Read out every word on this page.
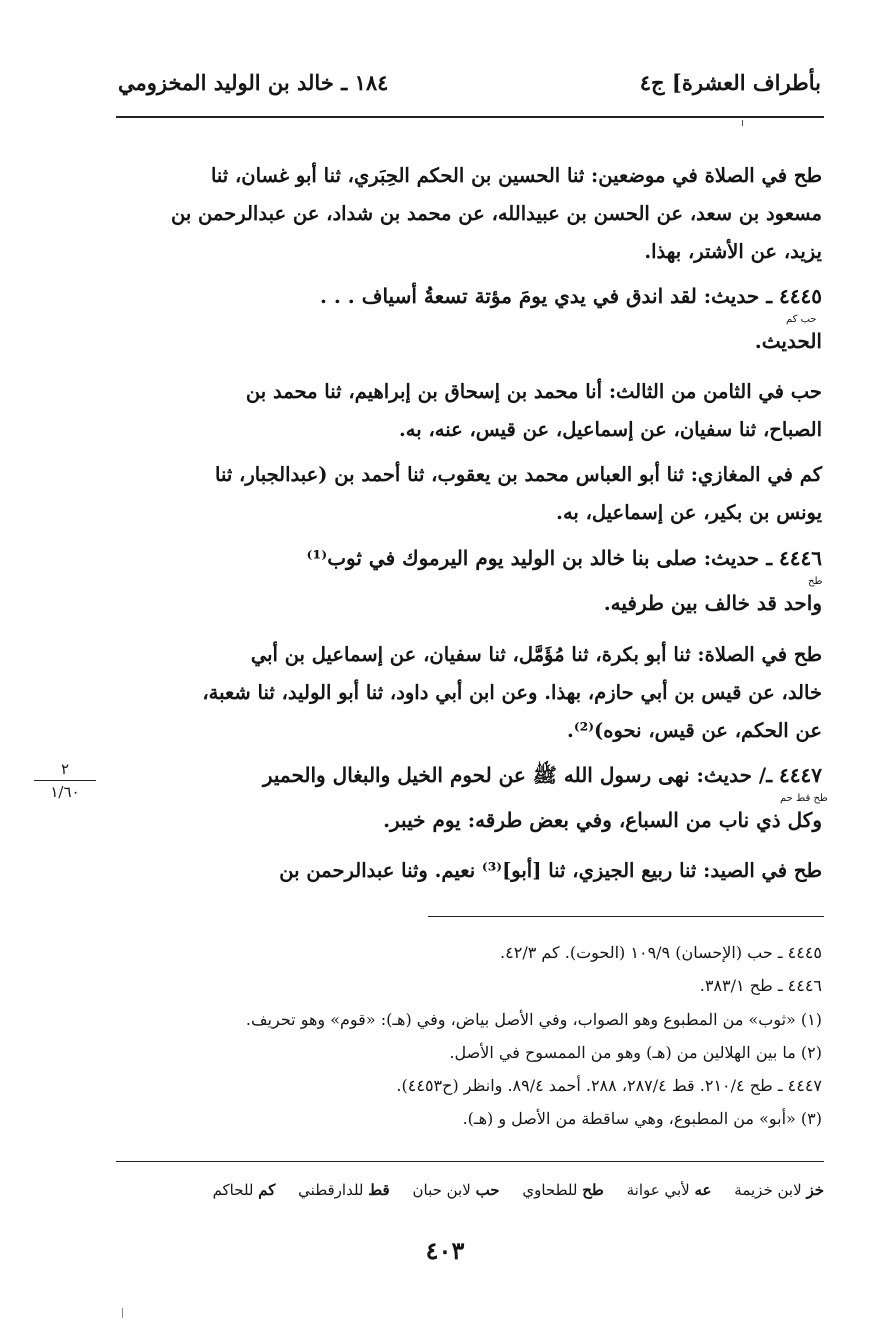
بأطراف العشرة] ج٤
١٨٤ ـ خالد بن الوليد المخزومي
طح في الصلاة في موضعين: ثنا الحسين بن الحكم الحِبَري، ثنا أبو غسان، ثنا
مسعود بن سعد، عن الحسن بن عبيدالله، عن محمد بن شداد، عن عبدالرحمن بن
يزيد، عن الأشتر، بهذا.
٤٤٤٥ ـ حديث: لقد اندق في يدي يومَ مؤتة تسعةُ أسياف . . .
حب كم
الحديث.
حب في الثامن من الثالث: أنا محمد بن إسحاق بن إبراهيم، ثنا محمد بن
الصباح، ثنا سفيان، عن إسماعيل، عن قيس، عنه، به.
كم في المغازي: ثنا أبو العباس محمد بن يعقوب، ثنا أحمد بن (عبدالجبار، ثنا
يونس بن بكير، عن إسماعيل، به.
٤٤٤٦ ـ حديث: صلى بنا خالد بن الوليد يوم اليرموك في ثوب⁽¹⁾
طح
واحد قد خالف بين طرفيه.
طح في الصلاة: ثنا أبو بكرة، ثنا مُؤَمَّل، ثنا سفيان، عن إسماعيل بن أبي
خالد، عن قيس بن أبي حازم، بهذا. وعن ابن أبي داود، ثنا أبو الوليد، ثنا شعبة،
عن الحكم، عن قيس، نحوه)⁽²⁾.
٤٤٤٧ ـ/ حديث: نهى رسول الله ﷺ عن لحوم الخيل والبغال والحمير
طح قط حم
وكل ذي ناب من السباع، وفي بعض طرقه: يوم خيبر.
٢
١/٦٠
طح في الصيد: ثنا ربيع الجيزي، ثنا [أبو]⁽³⁾ نعيم. وثنا عبدالرحمن بن
٤٤٤٥ ـ حب (الإحسان) ١٠٩/٩ (الحوت). كم ٤٢/٣.
٤٤٤٦ ـ طح ٣٨٣/١.
(١) «ثوب» من المطبوع وهو الصواب، وفي الأصل بياض، وفي (هـ): «قوم» وهو تحريف.
(٢) ما بين الهلالين من (هـ) وهو من الممسوح في الأصل.
٤٤٤٧ ـ طح ٢١٠/٤. قط ٢٨٧/٤، ٢٨٨. أحمد ٨٩/٤. وانظر (ح٤٤٥٣).
(٣) «أبو» من المطبوع، وهي ساقطة من الأصل و (هـ).
خز لابن خزيمة عه لأبي عوانة طح للطحاوي حب لابن حبان قط للدارقطني كم للحاكم
٤٠٣
